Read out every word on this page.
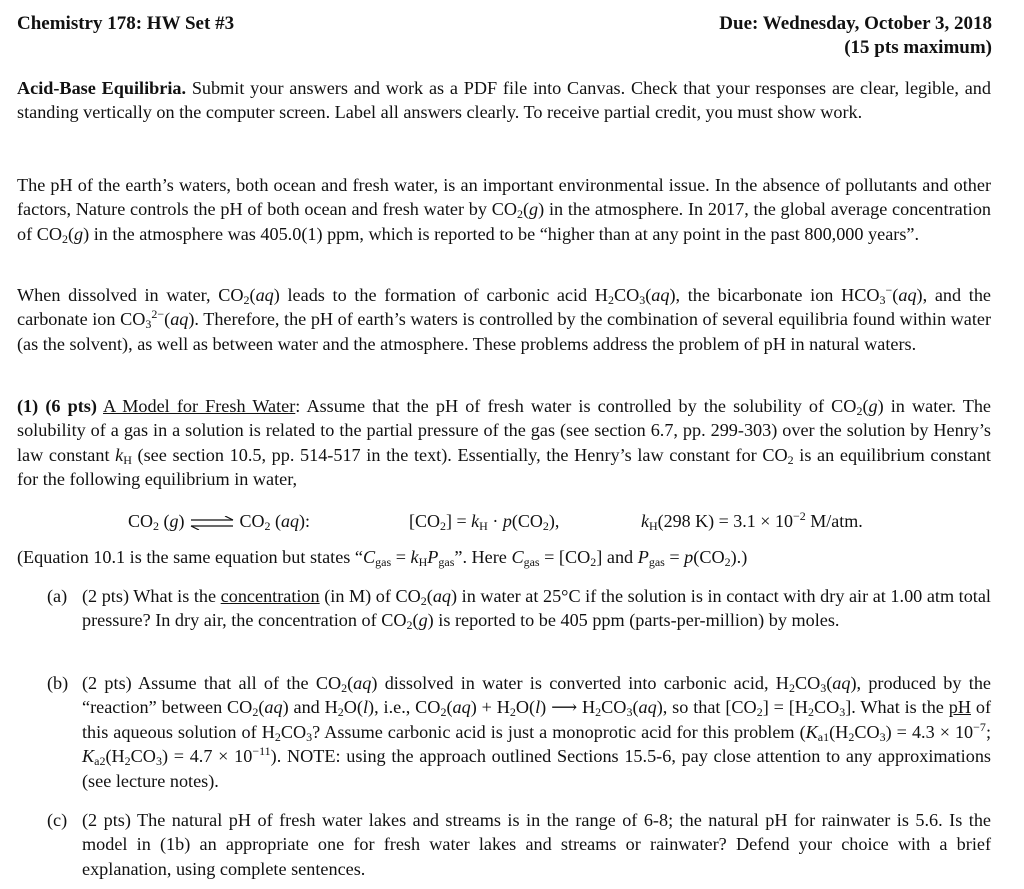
Chemistry 178: HW Set #3	Due: Wednesday, October 3, 2018
(15 pts maximum)
Acid-Base Equilibria. Submit your answers and work as a PDF file into Canvas. Check that your responses are clear, legible, and standing vertically on the computer screen. Label all answers clearly. To receive partial credit, you must show work.
The pH of the earth’s waters, both ocean and fresh water, is an important environmental issue. In the absence of pollutants and other factors, Nature controls the pH of both ocean and fresh water by $CO_2(g)$ in the atmosphere. In 2017, the global average concentration of $CO_2(g)$ in the atmosphere was 405.0(1) ppm, which is reported to be “higher than at any point in the past 800,000 years”.
When dissolved in water, $CO_2(aq)$ leads to the formation of carbonic acid $H_2CO_3(aq)$, the bicarbonate ion $HCO_3^-(aq)$, and the carbonate ion $CO_3^{2-}(aq)$. Therefore, the pH of earth’s waters is controlled by the combination of several equilibria found within water (as the solvent), as well as between water and the atmosphere. These problems address the problem of pH in natural waters.
(1) (6 pts) A Model for Fresh Water: Assume that the pH of fresh water is controlled by the solubility of $CO_2(g)$ in water. The solubility of a gas in a solution is related to the partial pressure of the gas (see section 6.7, pp. 299-303) over the solution by Henry’s law constant $k_H$ (see section 10.5, pp. 514-517 in the text). Essentially, the Henry’s law constant for $CO_2$ is an equilibrium constant for the following equilibrium in water,
$CO_2$ (g) ⇌ $CO_2$ (aq):	$[CO_2] = k_H \cdot p(CO_2)$,	$k_H(298$ $K) = 3.1 \times 10^{-2}$ M/atm.
(Equation 10.1 is the same equation but states “$C_{gas} = k_HP_{gas}$”. Here $C_{gas} = [CO_2]$ and $P_{gas} = p(CO_2)$.)
(a) (2 pts) What is the concentration (in M) of $CO_2(aq)$ in water at 25°C if the solution is in contact with dry air at 1.00 atm total pressure? In dry air, the concentration of $CO_2(g)$ is reported to be 405 ppm (parts-per-million) by moles.
(b) (2 pts) Assume that all of the $CO_2(aq)$ dissolved in water is converted into carbonic acid, $H_2CO_3(aq)$, produced by the “reaction” between $CO_2(aq)$ and $H_2O(l)$, i.e., $CO_2(aq) + H_2O(l)$ ⟶ $H_2CO_3(aq)$, so that $[CO_2] = [H_2CO_3]$. What is the pH of this aqueous solution of $H_2CO_3$? Assume carbonic acid is just a monoprotic acid for this problem ($K_{a1}(H_2CO_3) = 4.3 \times 10^{-7}$; $K_{a2}(H_2CO_3) = 4.7 \times 10^{-11}$). NOTE: using the approach outlined Sections 15.5-6, pay close attention to any approximations (see lecture notes).
(c) (2 pts) The natural pH of fresh water lakes and streams is in the range of 6-8; the natural pH for rainwater is 5.6. Is the model in (1b) an appropriate one for fresh water lakes and streams or rainwater? Defend your choice with a brief explanation, using complete sentences.
